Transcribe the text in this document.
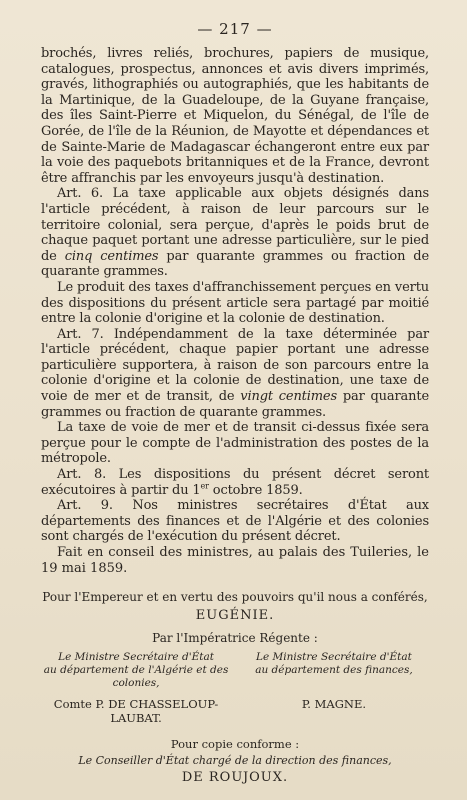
— 217 —

brochés, livres reliés, brochures, papiers de musique, catalogues, prospectus, annonces et avis divers imprimés, gravés, lithographiés ou autographiés, que les habitants de la Martinique, de la Guadeloupe, de la Guyane française, des îles Saint-Pierre et Miquelon, du Sénégal, de l'île de Gorée, de l'île de la Réunion, de Mayotte et dépendances et de Sainte-Marie de Madagascar échangeront entre eux par la voie des paquebots britanniques et de la France, devront être affranchis par les envoyeurs jusqu'à destination.

Art. 6. La taxe applicable aux objets désignés dans l'article précédent, à raison de leur parcours sur le territoire colonial, sera perçue, d'après le poids brut de chaque paquet portant une adresse particulière, sur le pied de cinq centimes par quarante grammes ou fraction de quarante grammes.

Le produit des taxes d'affranchissement perçues en vertu des dispositions du présent article sera partagé par moitié entre la colonie d'origine et la colonie de destination.

Art. 7. Indépendamment de la taxe déterminée par l'article précédent, chaque papier portant une adresse particulière supportera, à raison de son parcours entre la colonie d'origine et la colonie de destination, une taxe de voie de mer et de transit, de vingt centimes par quarante grammes ou fraction de quarante grammes.

La taxe de voie de mer et de transit ci-dessus fixée sera perçue pour le compte de l'administration des postes de la métropole.

Art. 8. Les dispositions du présent décret seront exécutoires à partir du 1er octobre 1859.

Art. 9. Nos ministres secrétaires d'État aux départements des finances et de l'Algérie et des colonies sont chargés de l'exécution du présent décret.

Fait en conseil des ministres, au palais des Tuileries, le 19 mai 1859.

Pour l'Empereur et en vertu des pouvoirs qu'il nous a conférés,
EUGÉNIE.
Par l'Impératrice Régente :
Le Ministre Secrétaire d'État
au département de l'Algérie et des colonies,
Le Ministre Secrétaire d'État
au département des finances,
Comte P. DE CHASSELOUP-LAUBAT.
P. MAGNE.
Pour copie conforme :
Le Conseiller d'État chargé de la direction des finances,
DE ROUJOUX.
